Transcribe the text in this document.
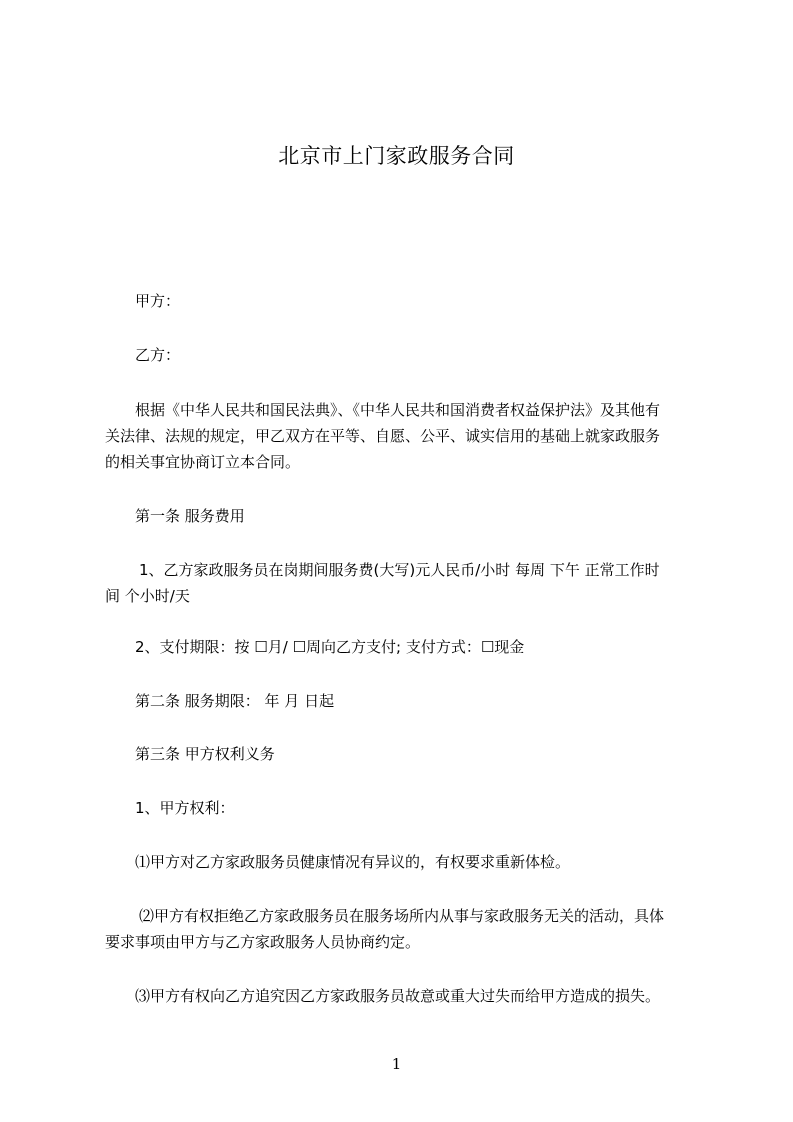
北京市上门家政服务合同
甲方：
乙方：
根据《中华人民共和国民法典》、《中华人民共和国消费者权益保护法》及其他有
关法律、法规的规定，甲乙双方在平等、自愿、公平、诚实信用的基础上就家政服务
的相关事宜协商订立本合同。
第一条 服务费用
1、乙方家政服务员在岗期间服务费(大写)元人民币/小时 每周 下午 正常工作时
间 个小时/天
2、支付期限：按 ☐月/ ☐周向乙方支付; 支付方式：☐现金
第二条 服务期限： 年 月 日起
第三条 甲方权利义务
1、甲方权利：
⑴甲方对乙方家政服务员健康情况有异议的，有权要求重新体检。
⑵甲方有权拒绝乙方家政服务员在服务场所内从事与家政服务无关的活动，具体
要求事项由甲方与乙方家政服务人员协商约定。
⑶甲方有权向乙方追究因乙方家政服务员故意或重大过失而给甲方造成的损失。
1
